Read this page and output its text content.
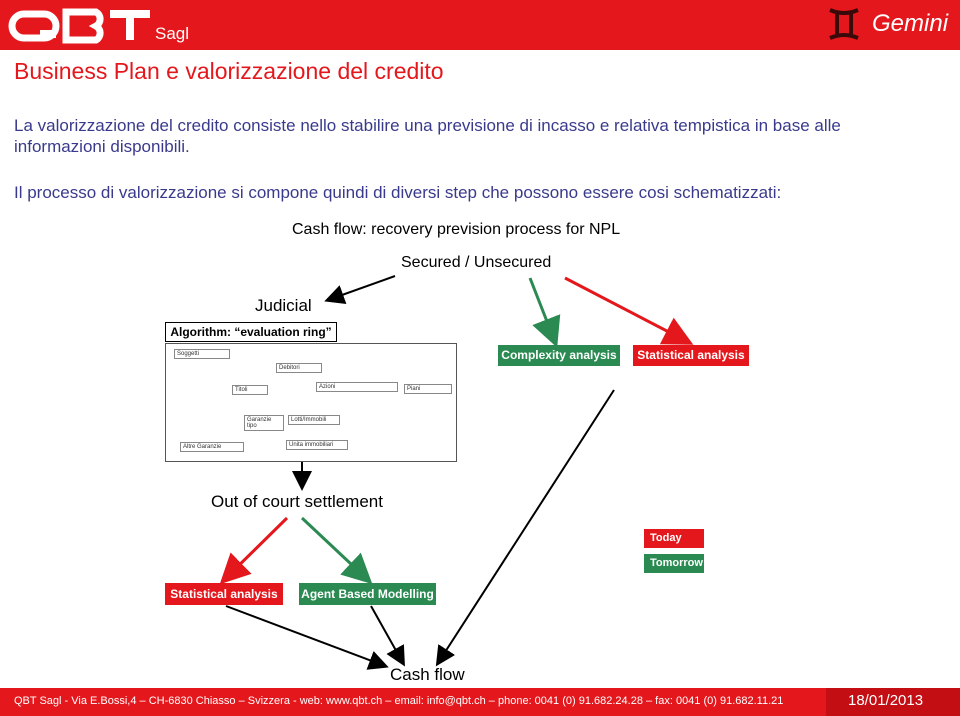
Sagl	Gemini
Business Plan e valorizzazione del credito
La valorizzazione del credito consiste nello stabilire una previsione di incasso e relativa tempistica in base alle informazioni disponibili.
Il processo di valorizzazione si compone quindi di diversi step che possono essere cosi schematizzati:
Cash flow: recovery prevision process for NPL
Secured / Unsecured
Judicial
Algorithm: “evaluation ring”
Soggetti
Debitori
Titoli	Azioni	Piani
Garanzie tipo
Lotti/Immobili
Altre Garanzie	Unita immobiliari
Complexity analysis	Statistical analysis
Out of court settlement
Today
Tomorrow
Statistical analysis	Agent Based Modelling
Cash flow
QBT Sagl - Via E.Bossi,4 – CH-6830 Chiasso – Svizzera - web: www.qbt.ch – email: info@qbt.ch – phone: 0041 (0) 91.682.24.28 – fax: 0041 (0) 91.682.11.21	18/01/2013
